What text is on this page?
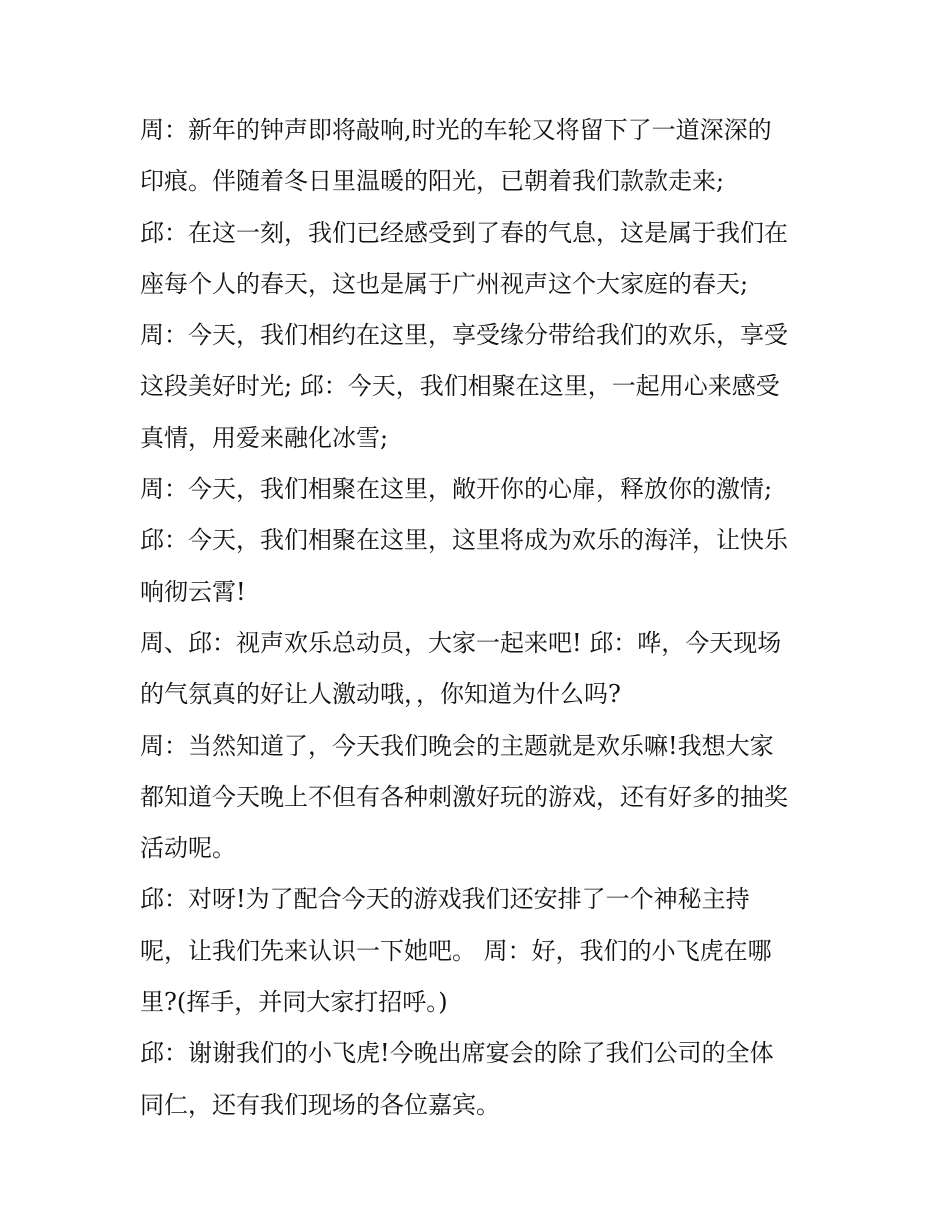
周：新年的钟声即将敲响,时光的车轮又将留下了一道深深的
印痕。伴随着冬日里温暖的阳光，已朝着我们款款走来;
邱：在这一刻，我们已经感受到了春的气息，这是属于我们在
座每个人的春天，这也是属于广州视声这个大家庭的春天;
周：今天，我们相约在这里，享受缘分带给我们的欢乐，享受
这段美好时光; 邱：今天，我们相聚在这里，一起用心来感受
真情，用爱来融化冰雪;
周：今天，我们相聚在这里，敞开你的心扉，释放你的激情;
邱：今天，我们相聚在这里，这里将成为欢乐的海洋，让快乐
响彻云霄!
周、邱：视声欢乐总动员，大家一起来吧! 邱：哗，今天现场
的气氛真的好让人激动哦，，你知道为什么吗?
周：当然知道了，今天我们晚会的主题就是欢乐嘛!我想大家
都知道今天晚上不但有各种刺激好玩的游戏，还有好多的抽奖
活动呢。
邱：对呀!为了配合今天的游戏我们还安排了一个神秘主持
呢，让我们先来认识一下她吧。 周：好，我们的小飞虎在哪
里?(挥手，并同大家打招呼。)
邱：谢谢我们的小飞虎!今晚出席宴会的除了我们公司的全体
同仁，还有我们现场的各位嘉宾。
